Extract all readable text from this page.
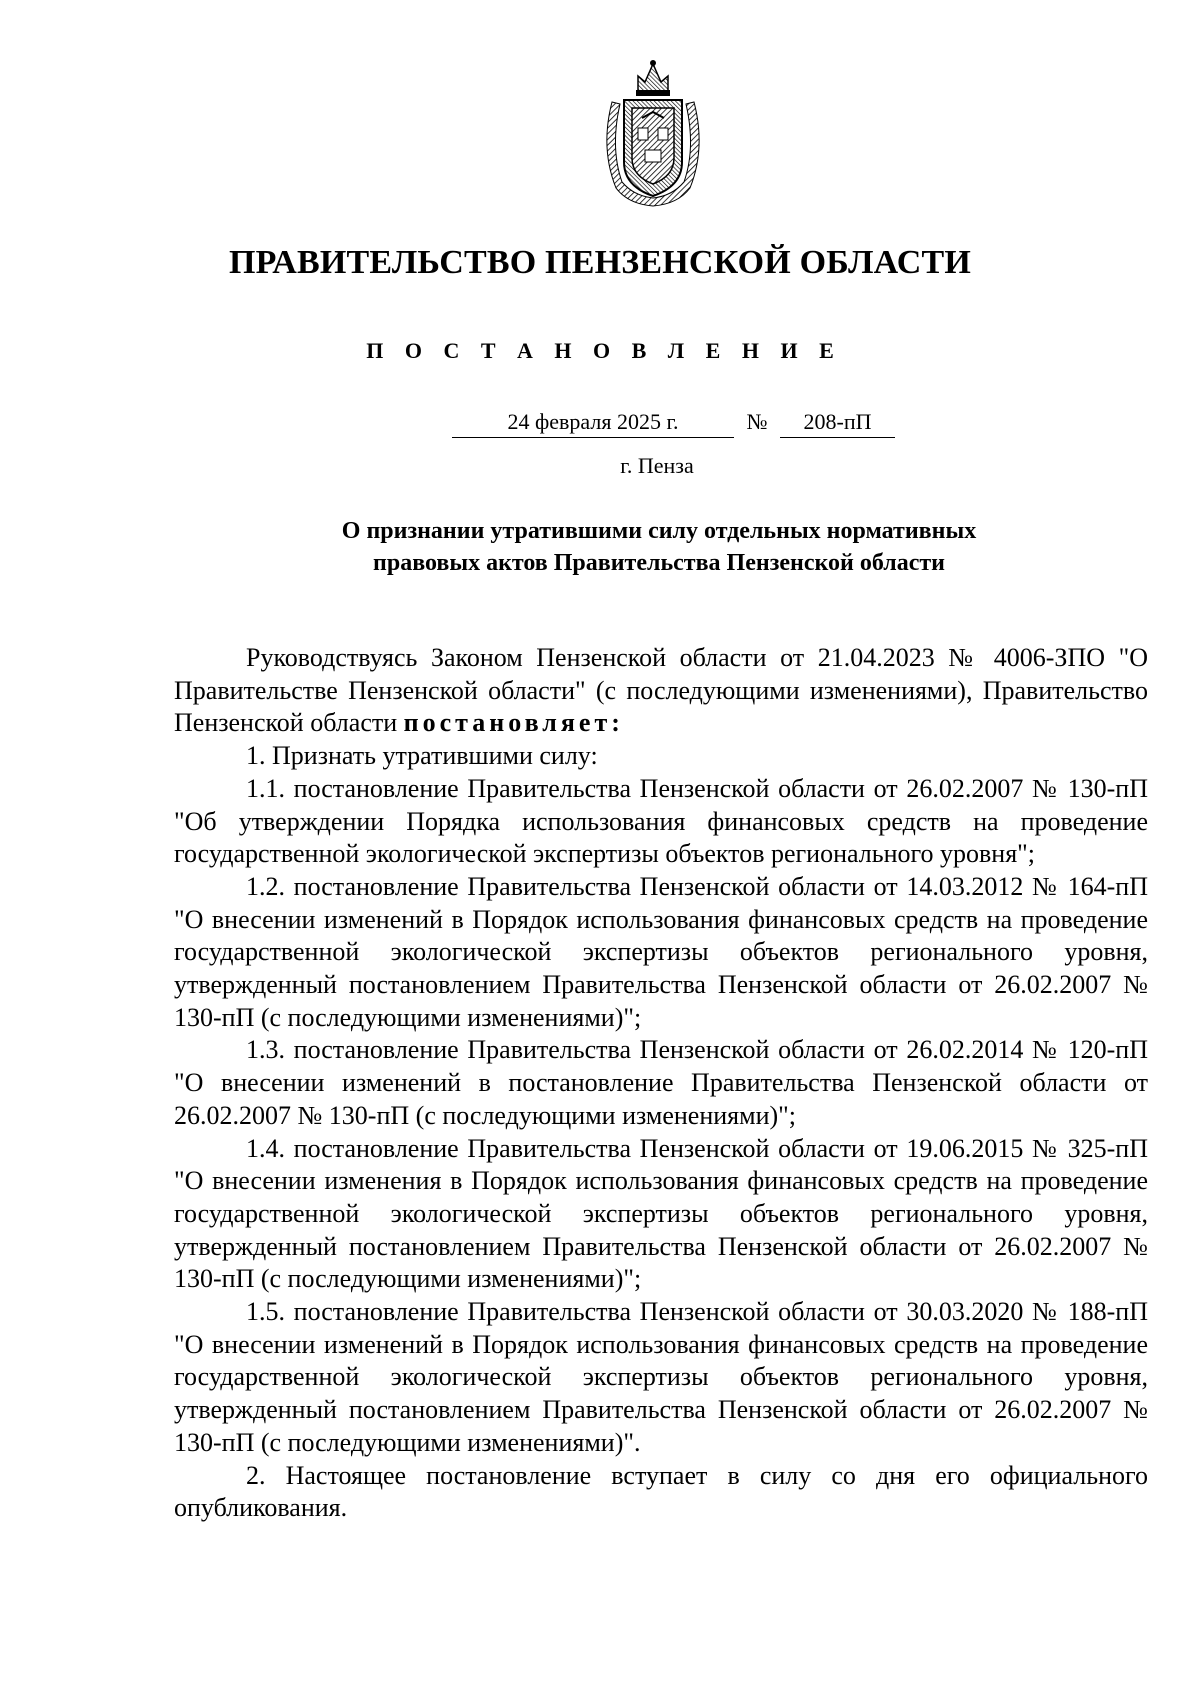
ПРАВИТЕЛЬСТВО ПЕНЗЕНСКОЙ ОБЛАСТИ
П О С Т А Н О В Л Е Н И Е
24 февраля 2025 г.	№	208-пП
г. Пенза
О признании утратившими силу отдельных нормативных
правовых актов Правительства Пензенской области

Руководствуясь Законом Пензенской области от 21.04.2023 № 4006-ЗПО "О Правительстве Пензенской области" (с последующими изменениями), Правительство Пензенской области постановляет:

1. Признать утратившими силу:

1.1. постановление Правительства Пензенской области от 26.02.2007 № 130-пП "Об утверждении Порядка использования финансовых средств на проведение государственной экологической экспертизы объектов регионального уровня";

1.2. постановление Правительства Пензенской области от 14.03.2012 № 164-пП "О внесении изменений в Порядок использования финансовых средств на проведение государственной экологической экспертизы объектов регионального уровня, утвержденный постановлением Правительства Пензенской области от 26.02.2007 № 130-пП (с последующими изменениями)";

1.3. постановление Правительства Пензенской области от 26.02.2014 № 120-пП "О внесении изменений в постановление Правительства Пензенской области от 26.02.2007 № 130-пП (с последующими изменениями)";

1.4. постановление Правительства Пензенской области от 19.06.2015 № 325-пП "О внесении изменения в Порядок использования финансовых средств на проведение государственной экологической экспертизы объектов регионального уровня, утвержденный постановлением Правительства Пензенской области от 26.02.2007 № 130-пП (с последующими изменениями)";

1.5. постановление Правительства Пензенской области от 30.03.2020 № 188-пП "О внесении изменений в Порядок использования финансовых средств на проведение государственной экологической экспертизы объектов регионального уровня, утвержденный постановлением Правительства Пензенской области от 26.02.2007 № 130-пП (с последующими изменениями)".

2. Настоящее постановление вступает в силу со дня его официального опубликования.
